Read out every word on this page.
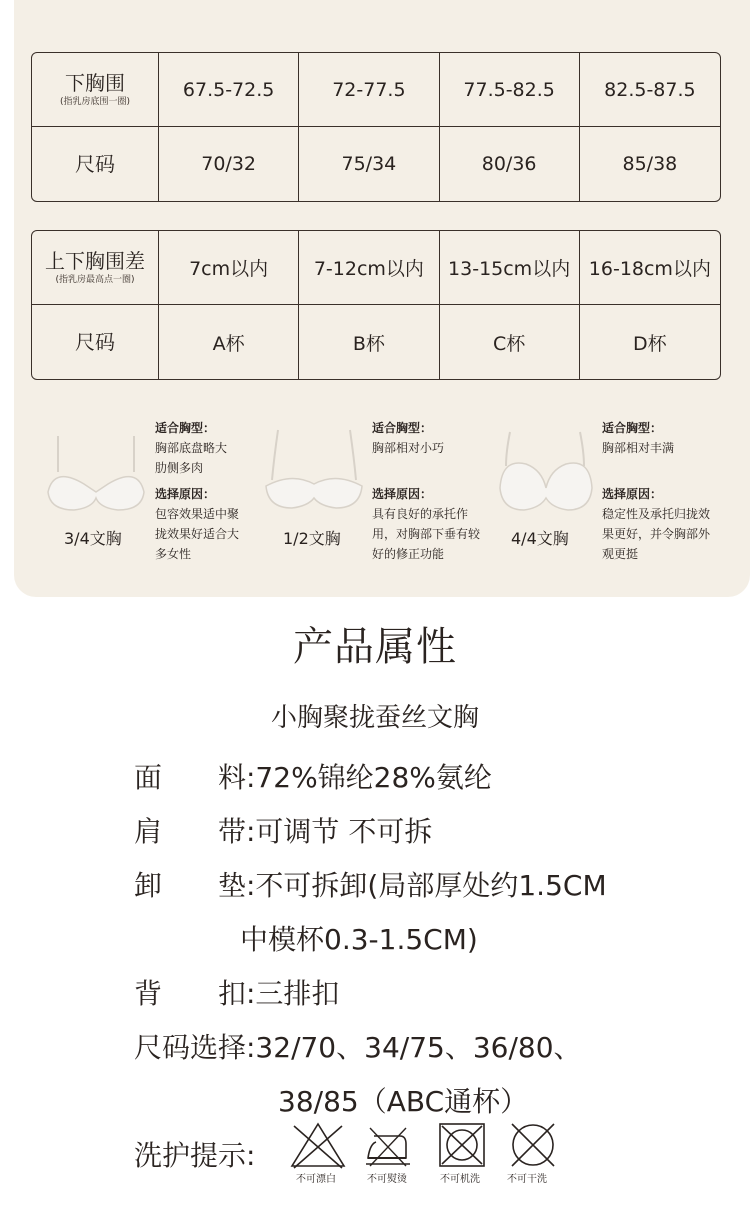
下胸围
(指乳房底围一圈)	67.5-72.5	72-77.5	77.5-82.5	82.5-87.5

尺码	70/32	75/34	80/36	85/38
上下胸围差
(指乳房最高点一圈)	7cm以内	7-12cm以内	13-15cm以内	16-18cm以内

尺码	A杯	B杯	C杯	D杯
3/4文胸
适合胸型：
胸部底盘略大
肋侧多肉
选择原因：
包容效果适中聚
拢效果好适合大
多女性
1/2文胸
适合胸型：
胸部相对小巧
选择原因：
具有良好的承托作
用，对胸部下垂有较
好的修正功能
4/4文胸
适合胸型：
胸部相对丰满
选择原因：
稳定性及承托归拢效
果更好，并令胸部外
观更挺
产品属性
小胸聚拢蚕丝文胸
面　　料:72%锦纶28%氨纶
肩　　带:可调节 不可拆
卸　　垫:不可拆卸(局部厚处约1.5CM
中模杯0.3-1.5CM)
背　　扣:三排扣
尺码选择:32/70、34/75、36/80、
38/85（ABC通杯）
洗护提示:
不可漂白	不可熨烫	不可机洗	不可干洗
